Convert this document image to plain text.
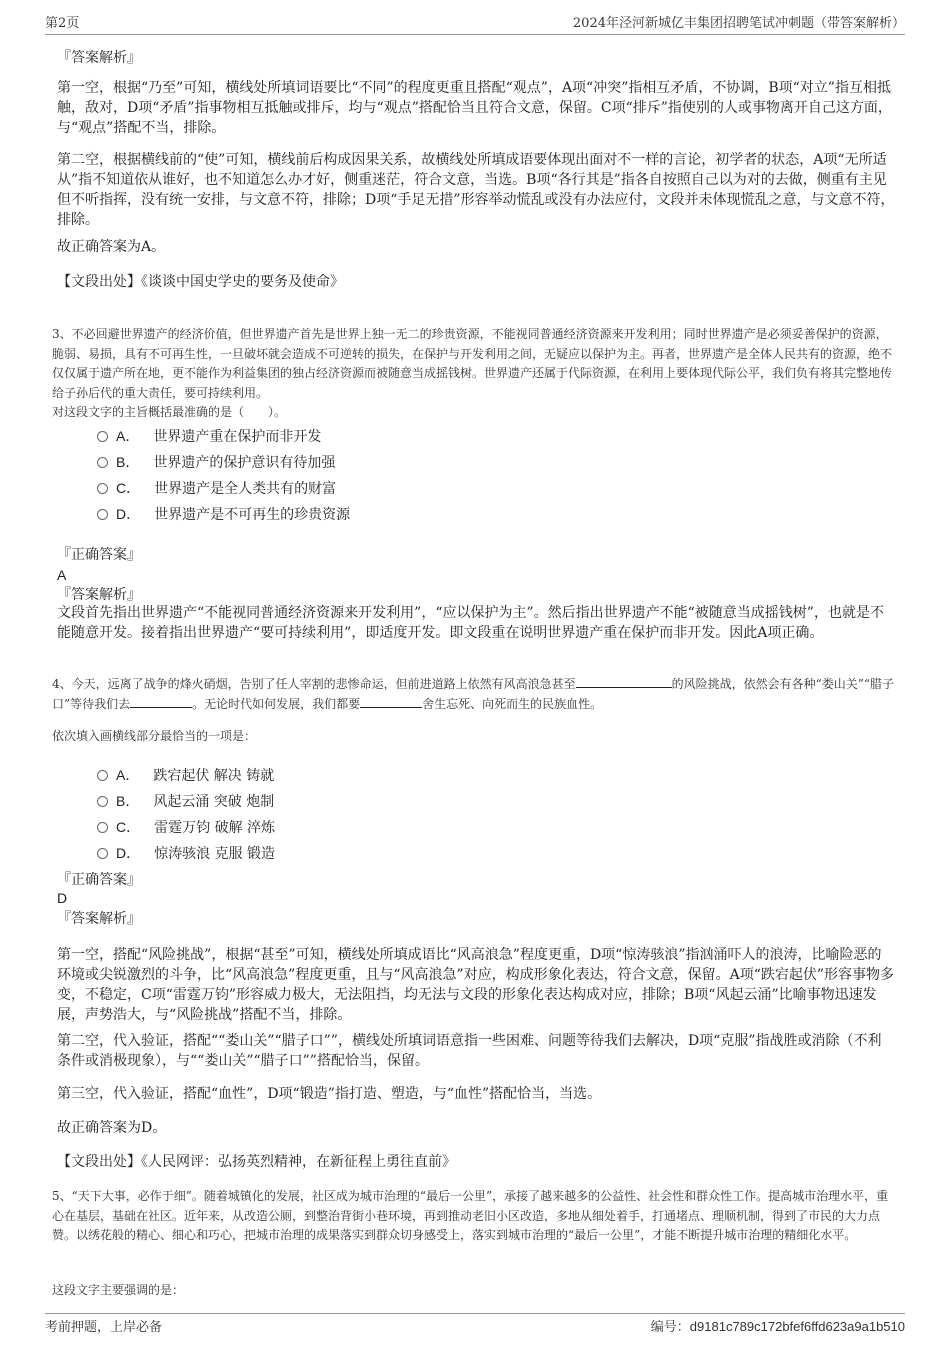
第2页	2024年泾河新城亿丰集团招聘笔试冲刺题（带答案解析）

『答案解析』

第一空，根据“乃至”可知，横线处所填词语要比“不同”的程度更重且搭配“观点”，A项“冲突”指相互矛盾，不协调，B项“对立”指互相抵触，敌对，D项“矛盾”指事物相互抵触或排斥，均与“观点”搭配恰当且符合文意，保留。C项“排斥”指使别的人或事物离开自己这方面，与“观点”搭配不当，排除。

第二空，根据横线前的“使”可知，横线前后构成因果关系，故横线处所填成语要体现出面对不一样的言论，初学者的状态，A项“无所适从”指不知道依从谁好，也不知道怎么办才好，侧重迷茫，符合文意，当选。B项“各行其是”指各自按照自己以为对的去做，侧重有主见但不听指挥，没有统一安排，与文意不符，排除；D项“手足无措”形容举动慌乱或没有办法应付，文段并未体现慌乱之意，与文意不符，排除。

故正确答案为A。

【文段出处】《谈谈中国史学史的要务及使命》

3、不必回避世界遗产的经济价值，但世界遗产首先是世界上独一无二的珍贵资源，不能视同普通经济资源来开发利用；同时世界遗产是必须妥善保护的资源，脆弱、易损，具有不可再生性，一旦破坏就会造成不可逆转的损失，在保护与开发利用之间，无疑应以保护为主。再者，世界遗产是全体人民共有的资源，绝不仅仅属于遗产所在地，更不能作为利益集团的独占经济资源而被随意当成摇钱树。世界遗产还属于代际资源，在利用上要体现代际公平，我们负有将其完整地传给子孙后代的重大责任，要可持续利用。

对这段文字的主旨概括最准确的是（　　）。

A． 世界遗产重在保护而非开发
B． 世界遗产的保护意识有待加强
C． 世界遗产是全人类共有的财富
D． 世界遗产是不可再生的珍贵资源

『正确答案』

A

『答案解析』

文段首先指出世界遗产“不能视同普通经济资源来开发利用”，“应以保护为主”。然后指出世界遗产不能“被随意当成摇钱树”，也就是不能随意开发。接着指出世界遗产“要可持续利用”，即适度开发。即文段重在说明世界遗产重在保护而非开发。因此A项正确。

4、今天，远离了战争的烽火硝烟，告别了任人宰割的悲惨命运，但前进道路上依然有风高浪急甚至	的风险挑战，依然会有各种“娄山关”“腊子口”等待我们去	。无论时代如何发展，我们都要	舍生忘死、向死而生的民族血性。

依次填入画横线部分最恰当的一项是：

A． 跌宕起伏 解决 铸就
B． 风起云涌 突破 炮制
C． 雷霆万钧 破解 淬炼
D． 惊涛骇浪 克服 锻造

『正确答案』

D

『答案解析』

第一空，搭配“风险挑战”，根据“甚至”可知，横线处所填成语比“风高浪急”程度更重，D项“惊涛骇浪”指汹涌吓人的浪涛，比喻险恶的环境或尖锐激烈的斗争，比“风高浪急”程度更重，且与“风高浪急”对应，构成形象化表达，符合文意，保留。A项“跌宕起伏”形容事物多变，不稳定，C项“雷霆万钧”形容威力极大，无法阻挡，均无法与文段的形象化表达构成对应，排除；B项“风起云涌”比喻事物迅速发展，声势浩大，与“风险挑战”搭配不当，排除。

第二空，代入验证，搭配““娄山关”“腊子口””，横线处所填词语意指一些困难、问题等待我们去解决，D项“克服”指战胜或消除（不利条件或消极现象），与““娄山关”“腊子口””搭配恰当，保留。

第三空，代入验证，搭配“血性”，D项“锻造”指打造、塑造，与“血性”搭配恰当，当选。

故正确答案为D。

【文段出处】《人民网评：弘扬英烈精神，在新征程上勇往直前》

5、“天下大事，必作于细”。随着城镇化的发展，社区成为城市治理的“最后一公里”，承接了越来越多的公益性、社会性和群众性工作。提高城市治理水平，重心在基层，基础在社区。近年来，从改造公厕，到整治背街小巷环境，再到推动老旧小区改造，多地从细处着手，打通堵点、理顺机制，得到了市民的大力点赞。以绣花般的精心、细心和巧心，把城市治理的成果落实到群众切身感受上，落实到城市治理的“最后一公里”，才能不断提升城市治理的精细化水平。

这段文字主要强调的是：

考前押题，上岸必备	编号：d9181c789c172bfef6ffd623a9a1b510
